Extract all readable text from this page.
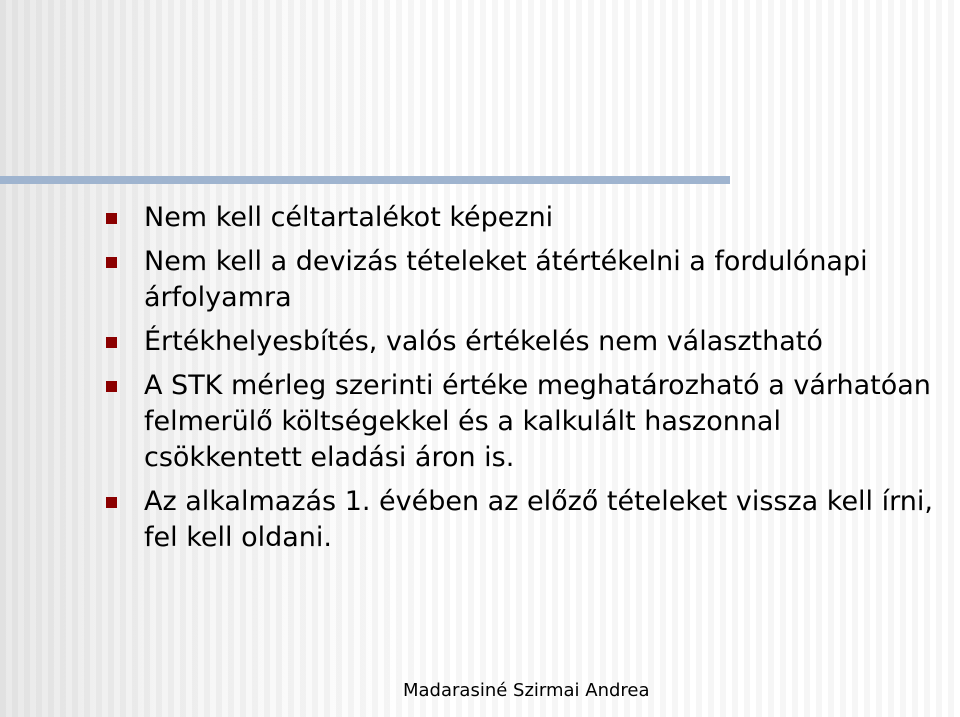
Nem kell céltartalékot képezni
Nem kell a devizás tételeket átértékelni a fordulónapi árfolyamra
Értékhelyesbítés, valós értékelés nem választható
A STK mérleg szerinti értéke meghatározható a várhatóan felmerülő költségekkel és a kalkulált haszonnal csökkentett eladási áron is.
Az alkalmazás 1. évében az előző tételeket vissza kell írni, fel kell oldani.
Madarasiné Szirmai Andrea
